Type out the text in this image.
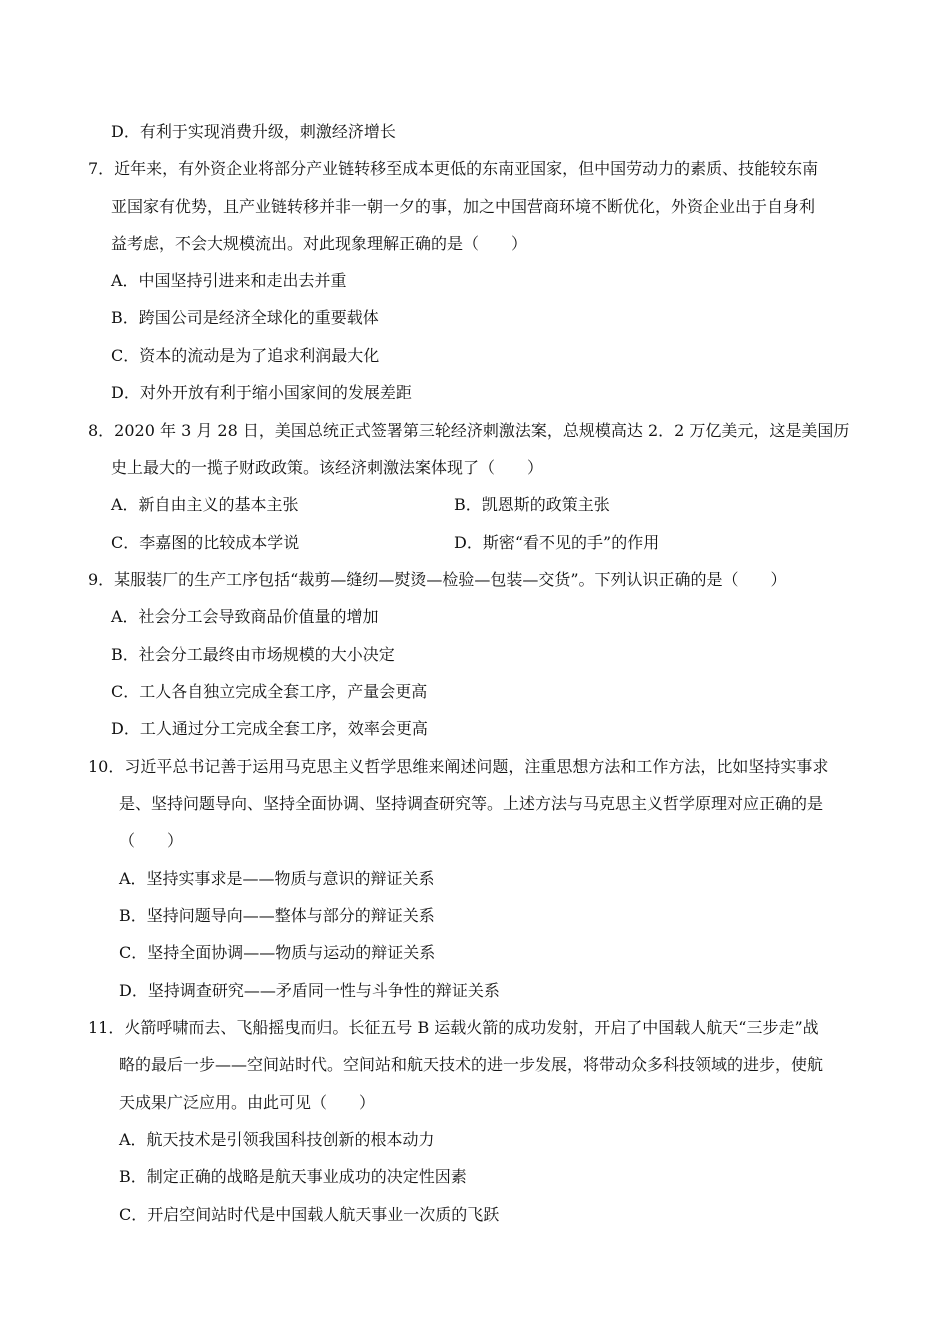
D．有利于实现消费升级，刺激经济增长
7．近年来，有外资企业将部分产业链转移至成本更低的东南亚国家，但中国劳动力的素质、技能较东南
亚国家有优势，且产业链转移并非一朝一夕的事，加之中国营商环境不断优化，外资企业出于自身利
益考虑，不会大规模流出。对此现象理解正确的是（　　）
A．中国坚持引进来和走出去并重
B．跨国公司是经济全球化的重要载体
C．资本的流动是为了追求利润最大化
D．对外开放有利于缩小国家间的发展差距
8．2020 年 3 月 28 日，美国总统正式签署第三轮经济刺激法案，总规模高达 2．2 万亿美元，这是美国历
史上最大的一揽子财政政策。该经济刺激法案体现了（　　）
A．新自由主义的基本主张	B．凯恩斯的政策主张
C．李嘉图的比较成本学说	D．斯密“看不见的手”的作用
9．某服装厂的生产工序包括“裁剪—缝纫—熨烫—检验—包装—交货”。下列认识正确的是（　　）
A．社会分工会导致商品价值量的增加
B．社会分工最终由市场规模的大小决定
C．工人各自独立完成全套工序，产量会更高
D．工人通过分工完成全套工序，效率会更高
10．习近平总书记善于运用马克思主义哲学思维来阐述问题，注重思想方法和工作方法，比如坚持实事求
是、坚持问题导向、坚持全面协调、坚持调查研究等。上述方法与马克思主义哲学原理对应正确的是
（　　）
A．坚持实事求是——物质与意识的辩证关系
B．坚持问题导向——整体与部分的辩证关系
C．坚持全面协调——物质与运动的辩证关系
D．坚持调查研究——矛盾同一性与斗争性的辩证关系
11．火箭呼啸而去、飞船摇曳而归。长征五号 B 运载火箭的成功发射，开启了中国载人航天“三步走”战
略的最后一步——空间站时代。空间站和航天技术的进一步发展，将带动众多科技领域的进步，使航
天成果广泛应用。由此可见（　　）
A．航天技术是引领我国科技创新的根本动力
B．制定正确的战略是航天事业成功的决定性因素
C．开启空间站时代是中国载人航天事业一次质的飞跃
